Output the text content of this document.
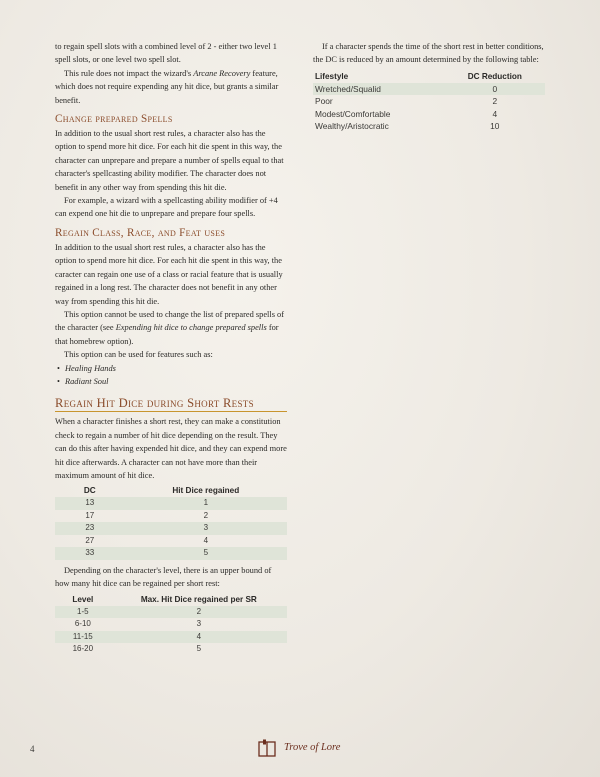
to regain spell slots with a combined level of 2 - either two level 1 spell slots, or one level two spell slot.

This rule does not impact the wizard's Arcane Recovery feature, which does not require expending any hit dice, but grants a similar benefit.

Change prepared Spells

In addition to the usual short rest rules, a character also has the option to spend more hit dice. For each hit die spent in this way, the character can unprepare and prepare a number of spells equal to that character's spellcasting ability modifier. The character does not benefit in any other way from spending this hit die.

For example, a wizard with a spellcasting ability modifier of +4 can expend one hit die to unprepare and prepare four spells.

Regain Class, Race, and Feat uses

In addition to the usual short rest rules, a character also has the option to spend more hit dice. For each hit die spent in this way, the caracter can regain one use of a class or racial feature that is usually regained in a long rest. The character does not benefit in any other way from spending this hit die.

This option cannot be used to change the list of prepared spells of the character (see Expending hit dice to change prepared spells for that homebrew option).

This option can be used for features such as:

• Healing Hands
• Radiant Soul
Regain Hit Dice during Short Rests

When a character finishes a short rest, they can make a constitution check to regain a number of hit dice depending on the result. They can do this after having expended hit dice, and they can expend more hit dice afterwards. A character can not have more than their maximum amount of hit dice.

DC	Hit Dice regained
13	1
17	2
23	3
27	4
33	5

Depending on the character's level, there is an upper bound of how many hit dice can be regained per short rest:

Level	Max. Hit Dice regained per SR
1-5	2
6-10	3
11-15	4
16-20	5

If a character spends the time of the short rest in better conditions, the DC is reduced by an amount determined by the following table:

Lifestyle	DC Reduction
Wretched/Squalid	0
Poor	2
Modest/Comfortable	4
Wealthy/Aristocratic	10
4	Trove of Lore
